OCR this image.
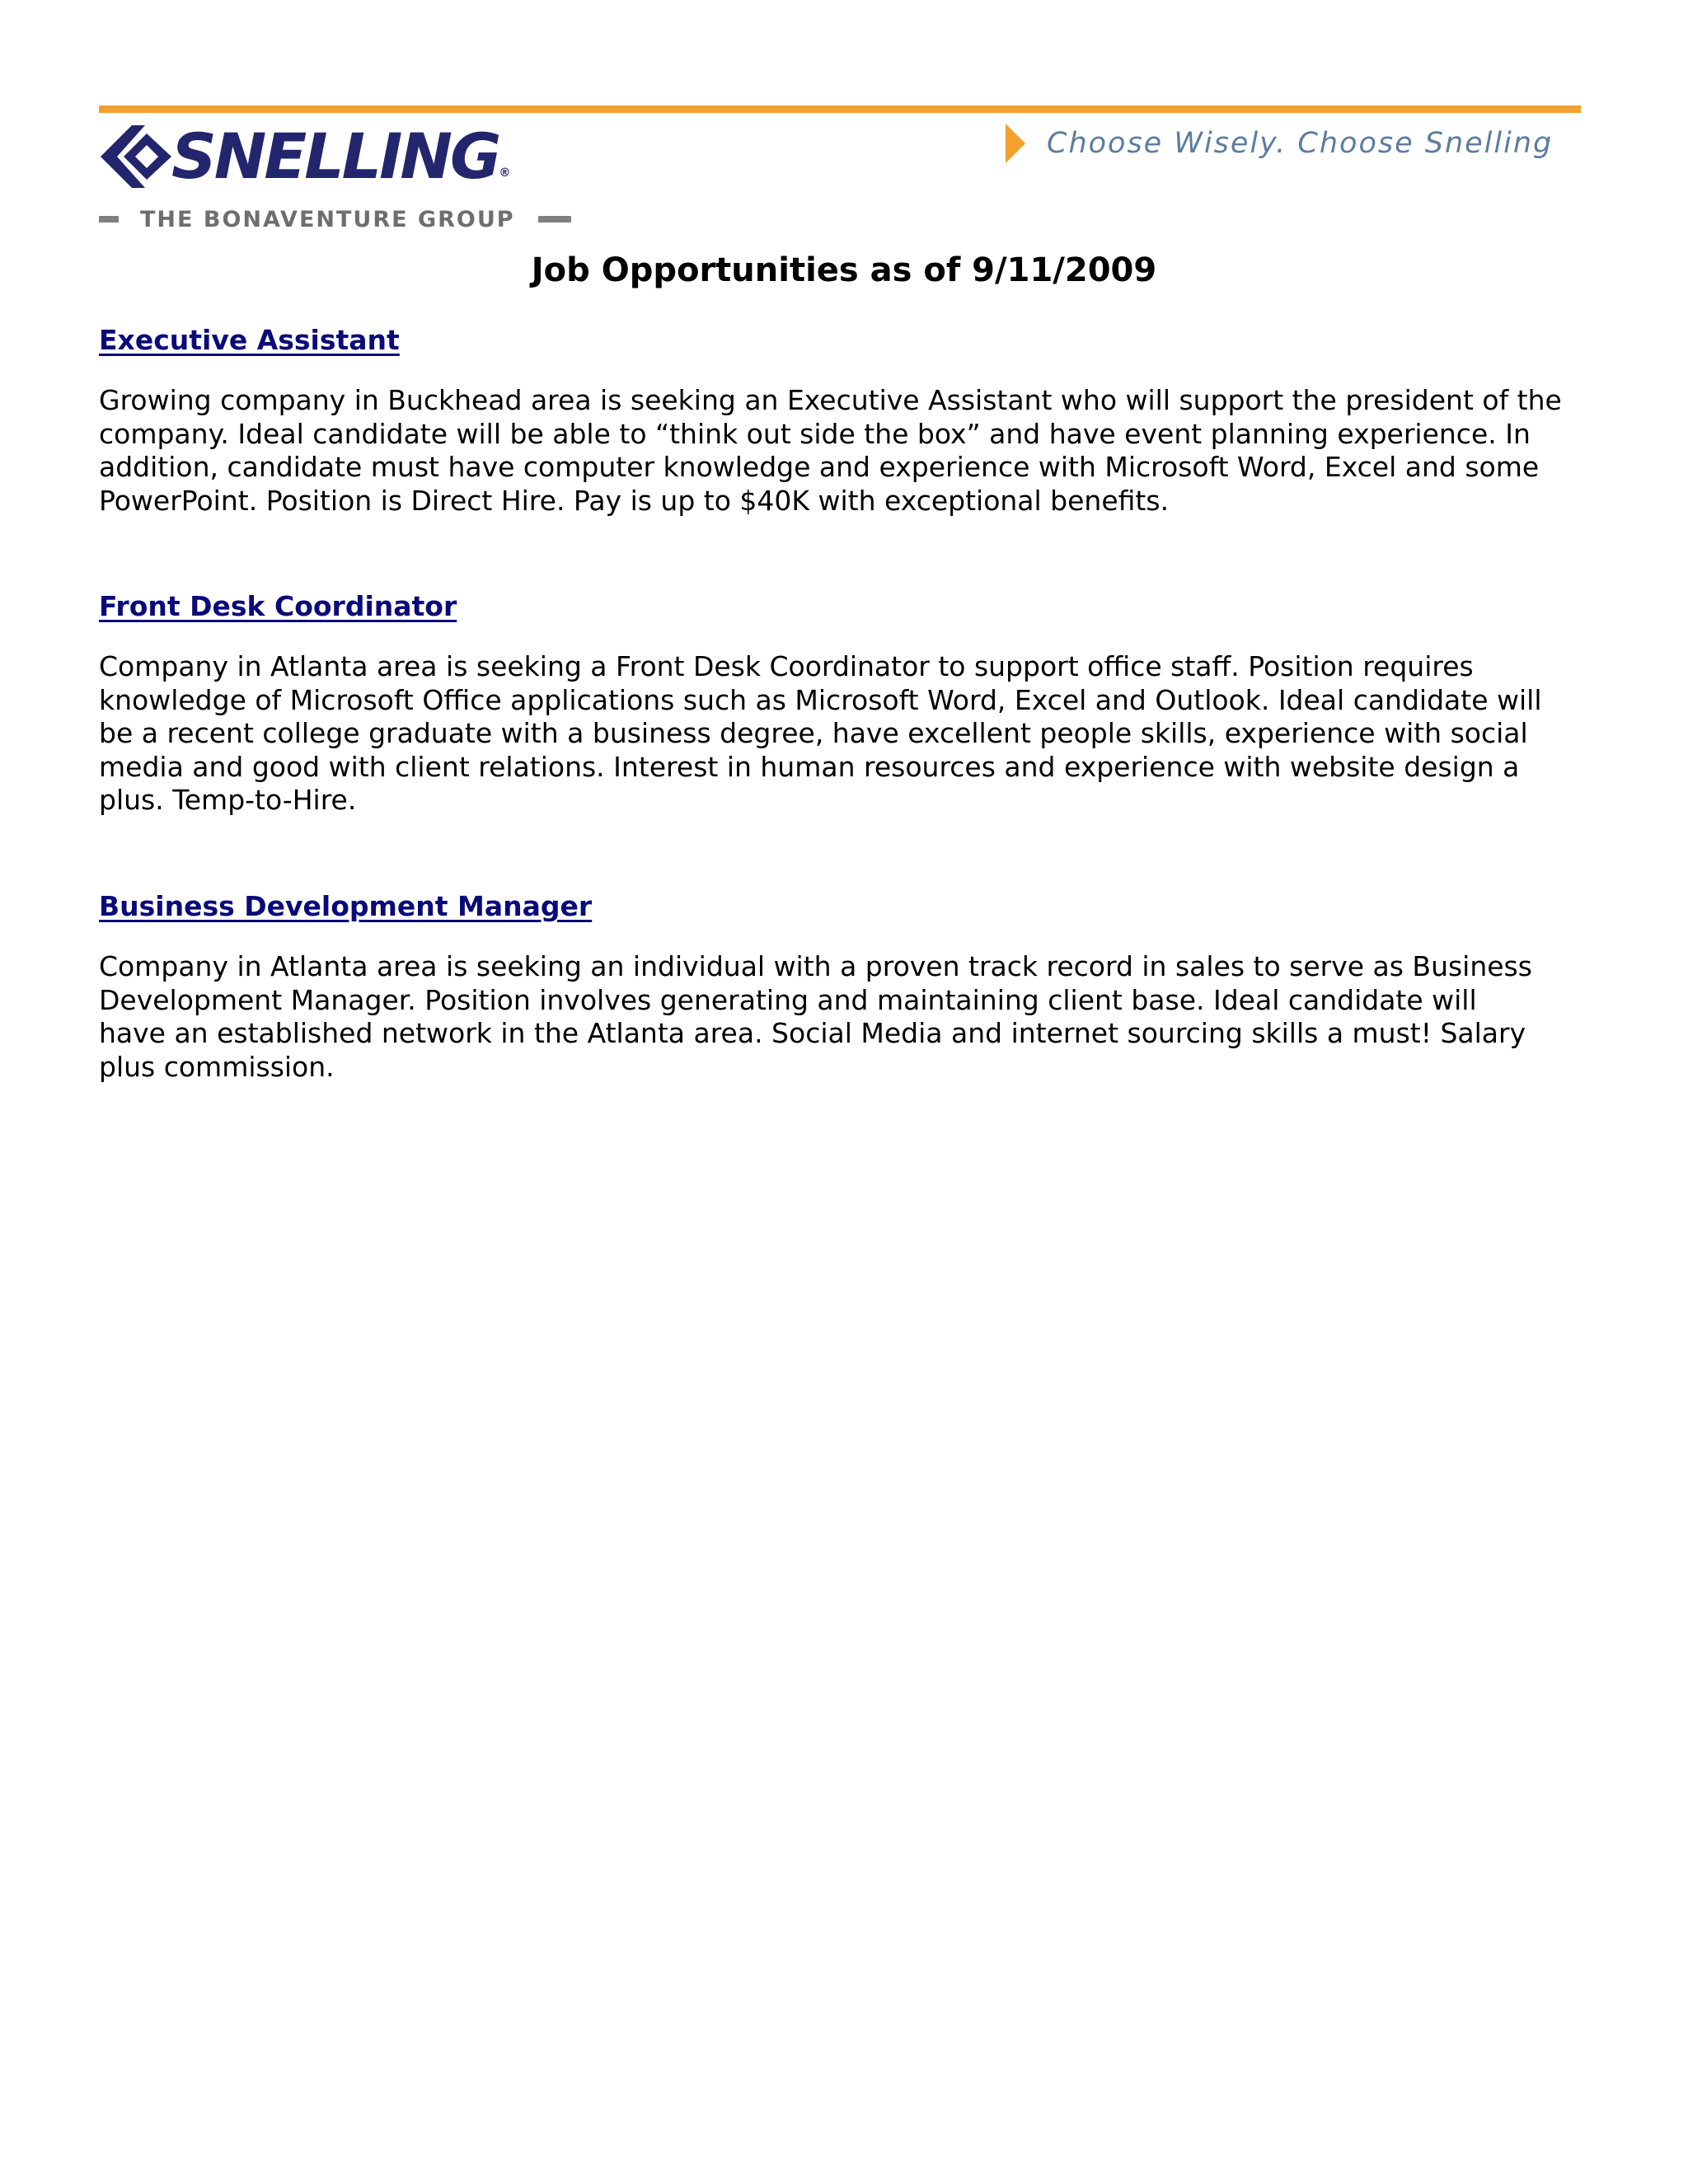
SNELLING®
THE BONAVENTURE GROUP
Choose Wisely. Choose Snelling
Job Opportunities as of 9/11/2009
Executive Assistant

Growing company in Buckhead area is seeking an Executive Assistant who will support the president of the
company. Ideal candidate will be able to “think out side the box” and have event planning experience. In
addition, candidate must have computer knowledge and experience with Microsoft Word, Excel and some
PowerPoint. Position is Direct Hire. Pay is up to $40K with exceptional benefits.

Front Desk Coordinator

Company in Atlanta area is seeking a Front Desk Coordinator to support office staff. Position requires
knowledge of Microsoft Office applications such as Microsoft Word, Excel and Outlook. Ideal candidate will
be a recent college graduate with a business degree, have excellent people skills, experience with social
media and good with client relations. Interest in human resources and experience with website design a
plus. Temp-to-Hire.

Business Development Manager

Company in Atlanta area is seeking an individual with a proven track record in sales to serve as Business
Development Manager. Position involves generating and maintaining client base. Ideal candidate will
have an established network in the Atlanta area. Social Media and internet sourcing skills a must! Salary
plus commission.
